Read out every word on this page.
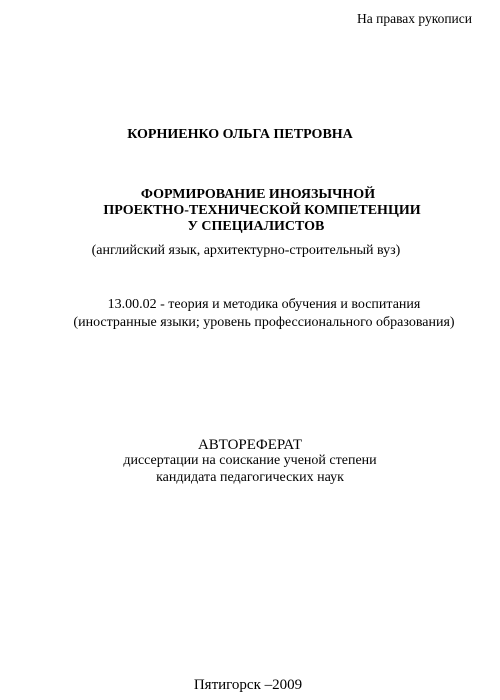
На правах рукописи
КОРНИЕНКО ОЛЬГА ПЕТРОВНА
ФОРМИРОВАНИЕ ИНОЯЗЫЧНОЙ
ПРОЕКТНО-ТЕХНИЧЕСКОЙ КОМПЕТЕНЦИИ
У СПЕЦИАЛИСТОВ
(английский язык, архитектурно-строительный вуз)
13.00.02 - теория и методика обучения и воспитания
(иностранные языки; уровень профессионального образования)
АВТОРЕФЕРАТ
диссертации на соискание ученой степени
кандидата педагогических наук
Пятигорск –2009
